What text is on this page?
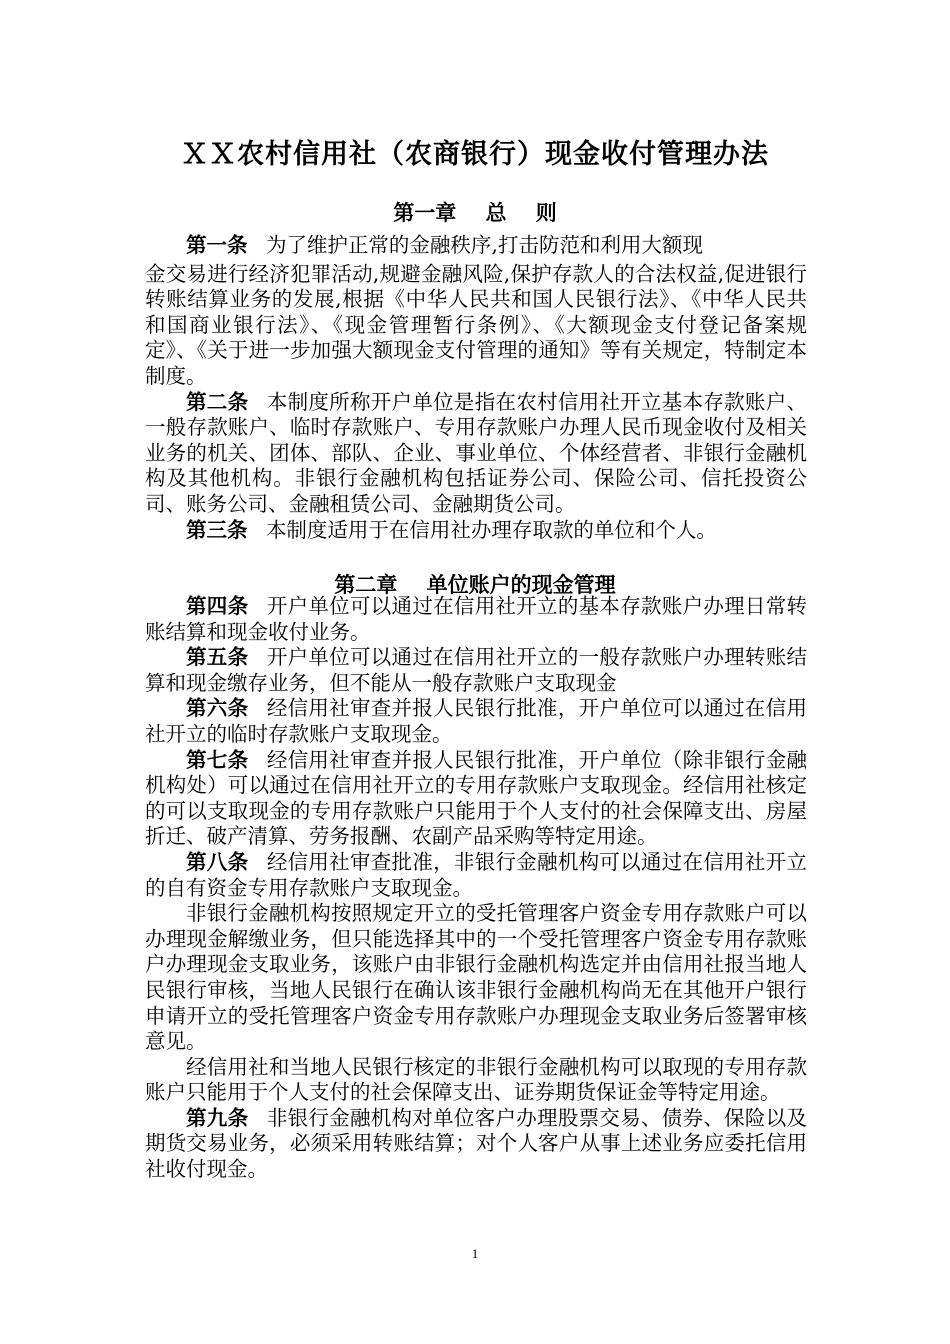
ＸＸ农村信用社（农商银行）现金收付管理办法
第一章    总    则

第一条 为了维护正常的金融秩序,打击防范和利用大额现

金交易进行经济犯罪活动,规避金融风险,保护存款人的合法权益,促进银行转账结算业务的发展,根据《中华人民共和国人民银行法》、《中华人民共和国商业银行法》、《现金管理暂行条例》、《大额现金支付登记备案规定》、《关于进一步加强大额现金支付管理的通知》等有关规定，特制定本制度。

第二条 本制度所称开户单位是指在农村信用社开立基本存款账户、一般存款账户、临时存款账户、专用存款账户办理人民币现金收付及相关业务的机关、团体、部队、企业、事业单位、个体经营者、非银行金融机构及其他机构。非银行金融机构包括证券公司、保险公司、信托投资公司、账务公司、金融租赁公司、金融期货公司。

第三条 本制度适用于在信用社办理存取款的单位和个人。

第二章    单位账户的现金管理

第四条 开户单位可以通过在信用社开立的基本存款账户办理日常转账结算和现金收付业务。

第五条 开户单位可以通过在信用社开立的一般存款账户办理转账结算和现金缴存业务，但不能从一般存款账户支取现金

第六条 经信用社审查并报人民银行批准，开户单位可以通过在信用社开立的临时存款账户支取现金。

第七条 经信用社审查并报人民银行批准，开户单位（除非银行金融机构处）可以通过在信用社开立的专用存款账户支取现金。经信用社核定的可以支取现金的专用存款账户只能用于个人支付的社会保障支出、房屋折迁、破产清算、劳务报酬、农副产品采购等特定用途。

第八条 经信用社审查批准，非银行金融机构可以通过在信用社开立的自有资金专用存款账户支取现金。

非银行金融机构按照规定开立的受托管理客户资金专用存款账户可以办理现金解缴业务，但只能选择其中的一个受托管理客户资金专用存款账户办理现金支取业务，该账户由非银行金融机构选定并由信用社报当地人民银行审核，当地人民银行在确认该非银行金融机构尚无在其他开户银行申请开立的受托管理客户资金专用存款账户办理现金支取业务后签署审核意见。

经信用社和当地人民银行核定的非银行金融机构可以取现的专用存款账户只能用于个人支付的社会保障支出、证券期货保证金等特定用途。

第九条 非银行金融机构对单位客户办理股票交易、债券、保险以及期货交易业务，必须采用转账结算；对个人客户从事上述业务应委托信用社收付现金。

1
